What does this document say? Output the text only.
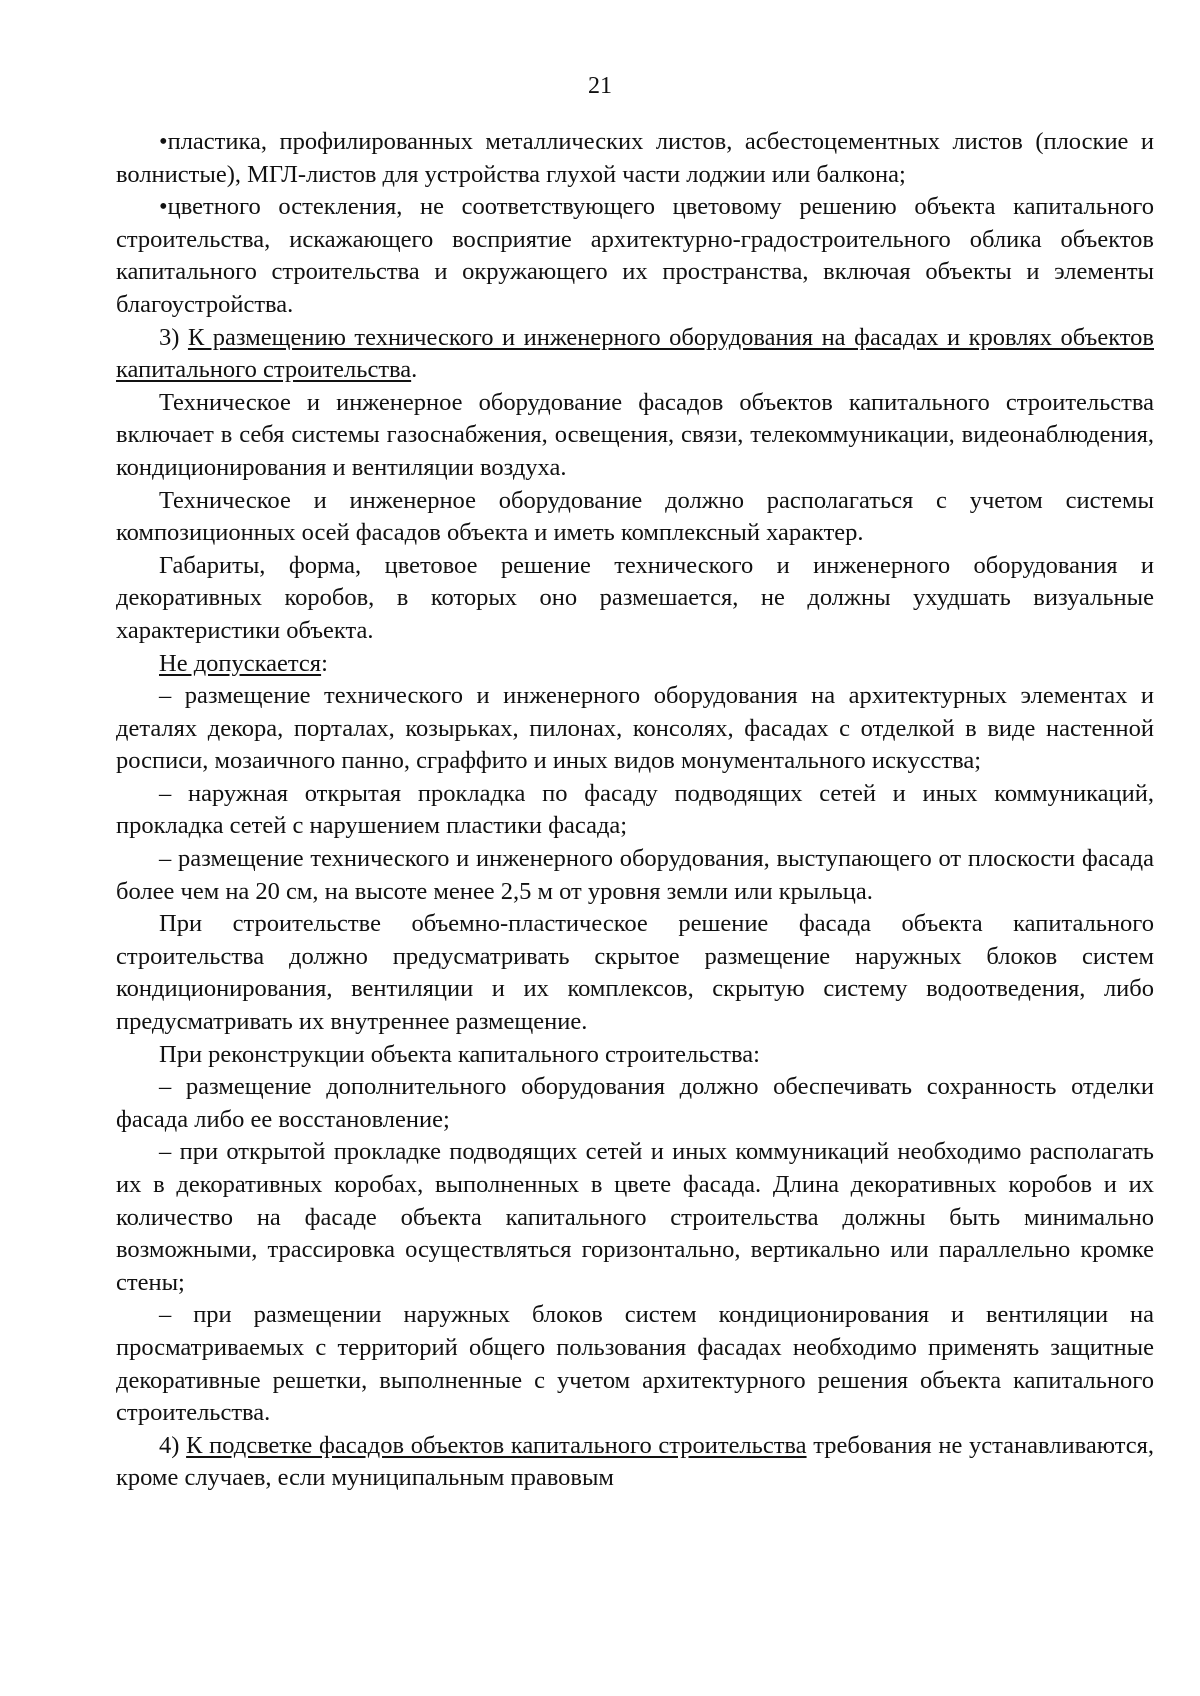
21

•пластика, профилированных металлических листов, асбестоцементных листов (плоские и волнистые), МГЛ-листов для устройства глухой части лоджии или балкона;

•цветного остекления, не соответствующего цветовому решению объекта капитального строительства, искажающего восприятие архитектурно-градостроительного облика объектов капитального строительства и окружающего их пространства, включая объекты и элементы благоустройства.

3) К размещению технического и инженерного оборудования на фасадах и кровлях объектов капитального строительства.

Техническое и инженерное оборудование фасадов объектов капитального строительства включает в себя системы газоснабжения, освещения, связи, телекоммуникации, видеонаблюдения, кондиционирования и вентиляции воздуха.

Техническое и инженерное оборудование должно располагаться с учетом системы композиционных осей фасадов объекта и иметь комплексный характер.

Габариты, форма, цветовое решение технического и инженерного оборудования и декоративных коробов, в которых оно размешается, не должны ухудшать визуальные характеристики объекта.

Не допускается:

– размещение технического и инженерного оборудования на архитектурных элементах и деталях декора, порталах, козырьках, пилонах, консолях, фасадах с отделкой в виде настенной росписи, мозаичного панно, сграффито и иных видов монументального искусства;

– наружная открытая прокладка по фасаду подводящих сетей и иных коммуникаций, прокладка сетей с нарушением пластики фасада;

– размещение технического и инженерного оборудования, выступающего от плоскости фасада более чем на 20 см, на высоте менее 2,5 м от уровня земли или крыльца.

При строительстве объемно-пластическое решение фасада объекта капитального строительства должно предусматривать скрытое размещение наружных блоков систем кондиционирования, вентиляции и их комплексов, скрытую систему водоотведения, либо предусматривать их внутреннее размещение.

При реконструкции объекта капитального строительства:

– размещение дополнительного оборудования должно обеспечивать сохранность отделки фасада либо ее восстановление;

– при открытой прокладке подводящих сетей и иных коммуникаций необходимо располагать их в декоративных коробах, выполненных в цвете фасада. Длина декоративных коробов и их количество на фасаде объекта капитального строительства должны быть минимально возможными, трассировка осуществляться горизонтально, вертикально или параллельно кромке стены;

– при размещении наружных блоков систем кондиционирования и вентиляции на просматриваемых с территорий общего пользования фасадах необходимо применять защитные декоративные решетки, выполненные с учетом архитектурного решения объекта капитального строительства.

4) К подсветке фасадов объектов капитального строительства требования не устанавливаются, кроме случаев, если муниципальным правовым
